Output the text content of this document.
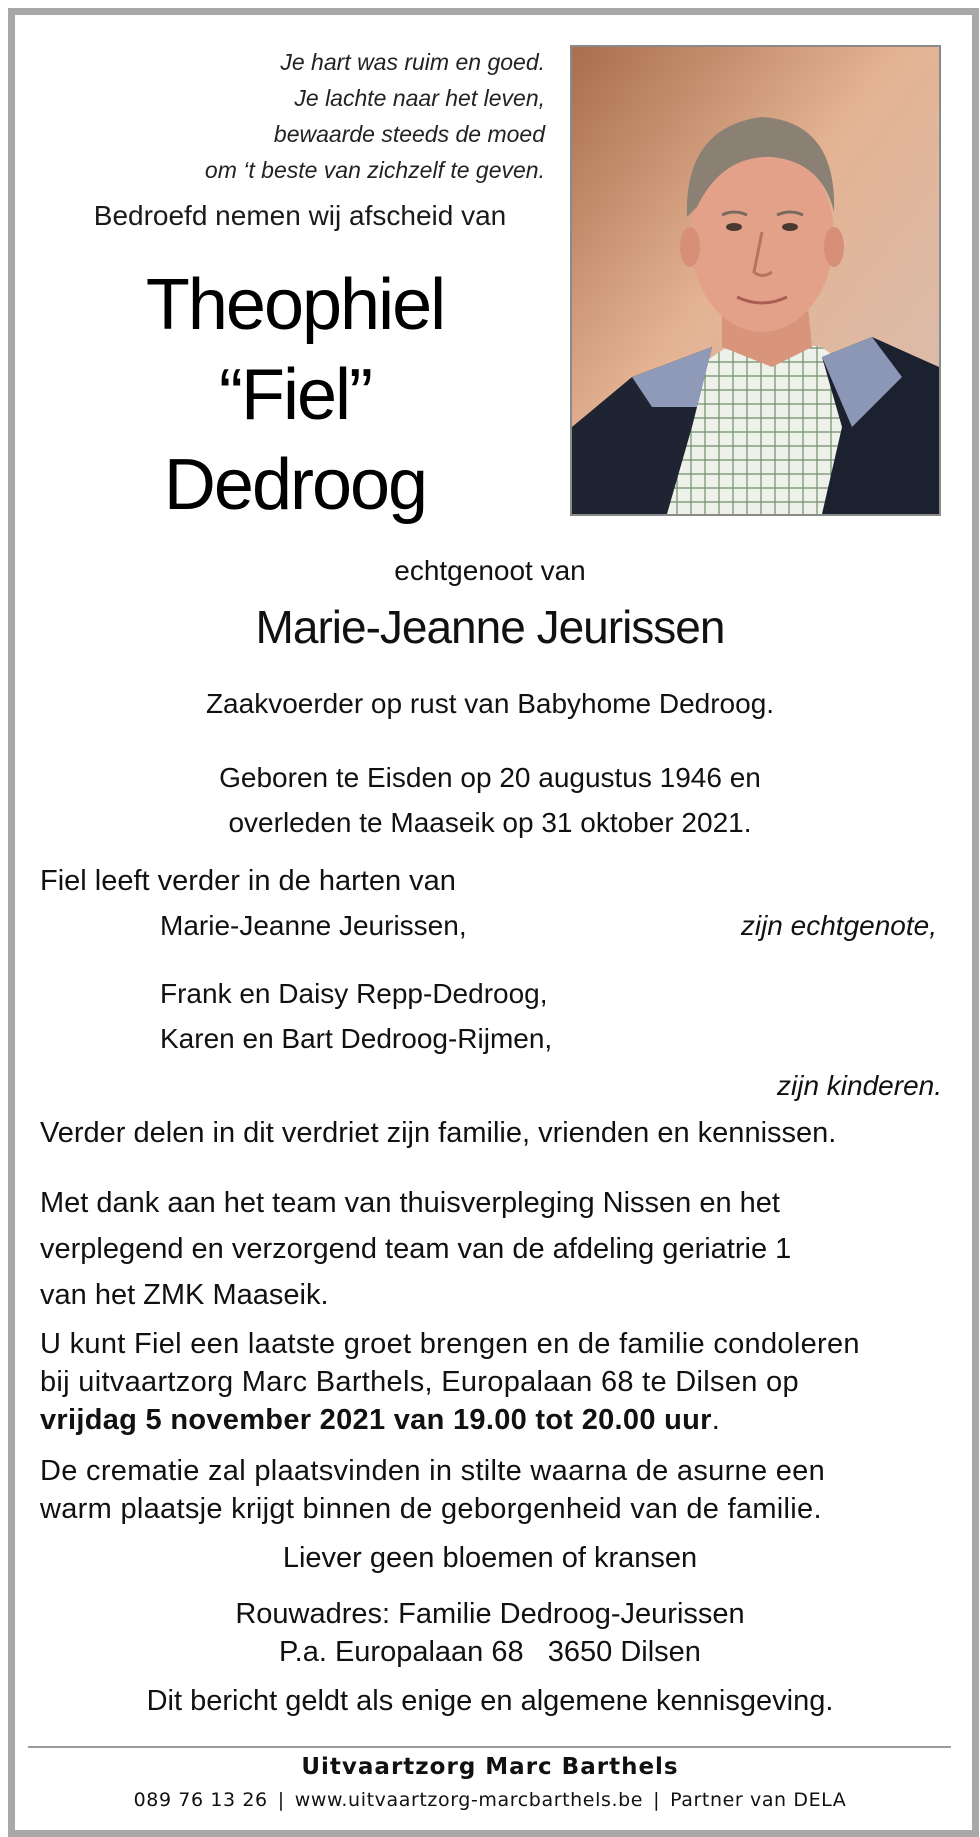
Je hart was ruim en goed.
Je lachte naar het leven,
bewaarde steeds de moed
om ‘t beste van zichzelf te geven.
Bedroefd nemen wij afscheid van
Theophiel
“Fiel”
Dedroog
echtgenoot van
Marie-Jeanne Jeurissen
Zaakvoerder op rust van Babyhome Dedroog.
Geboren te Eisden op 20 augustus 1946 en
overleden te Maaseik op 31 oktober 2021.
Fiel leeft verder in de harten van
Marie-Jeanne Jeurissen,	zijn echtgenote,
Frank en Daisy Repp-Dedroog,
Karen en Bart Dedroog-Rijmen,
zijn kinderen.
Verder delen in dit verdriet zijn familie, vrienden en kennissen.
Met dank aan het team van thuisverpleging Nissen en het
verplegend en verzorgend team van de afdeling geriatrie 1
van het ZMK Maaseik.
U kunt Fiel een laatste groet brengen en de familie condoleren
bij uitvaartzorg Marc Barthels, Europalaan 68 te Dilsen op
vrijdag 5 november 2021 van 19.00 tot 20.00 uur.
De crematie zal plaatsvinden in stilte waarna de asurne een
warm plaatsje krijgt binnen de geborgenheid van de familie.
Liever geen bloemen of kransen
Rouwadres: Familie Dedroog-Jeurissen
P.a. Europalaan 68   3650 Dilsen
Dit bericht geldt als enige en algemene kennisgeving.
Uitvaartzorg Marc Barthels
089 76 13 26 | www.uitvaartzorg-marcbarthels.be | Partner van DELA
